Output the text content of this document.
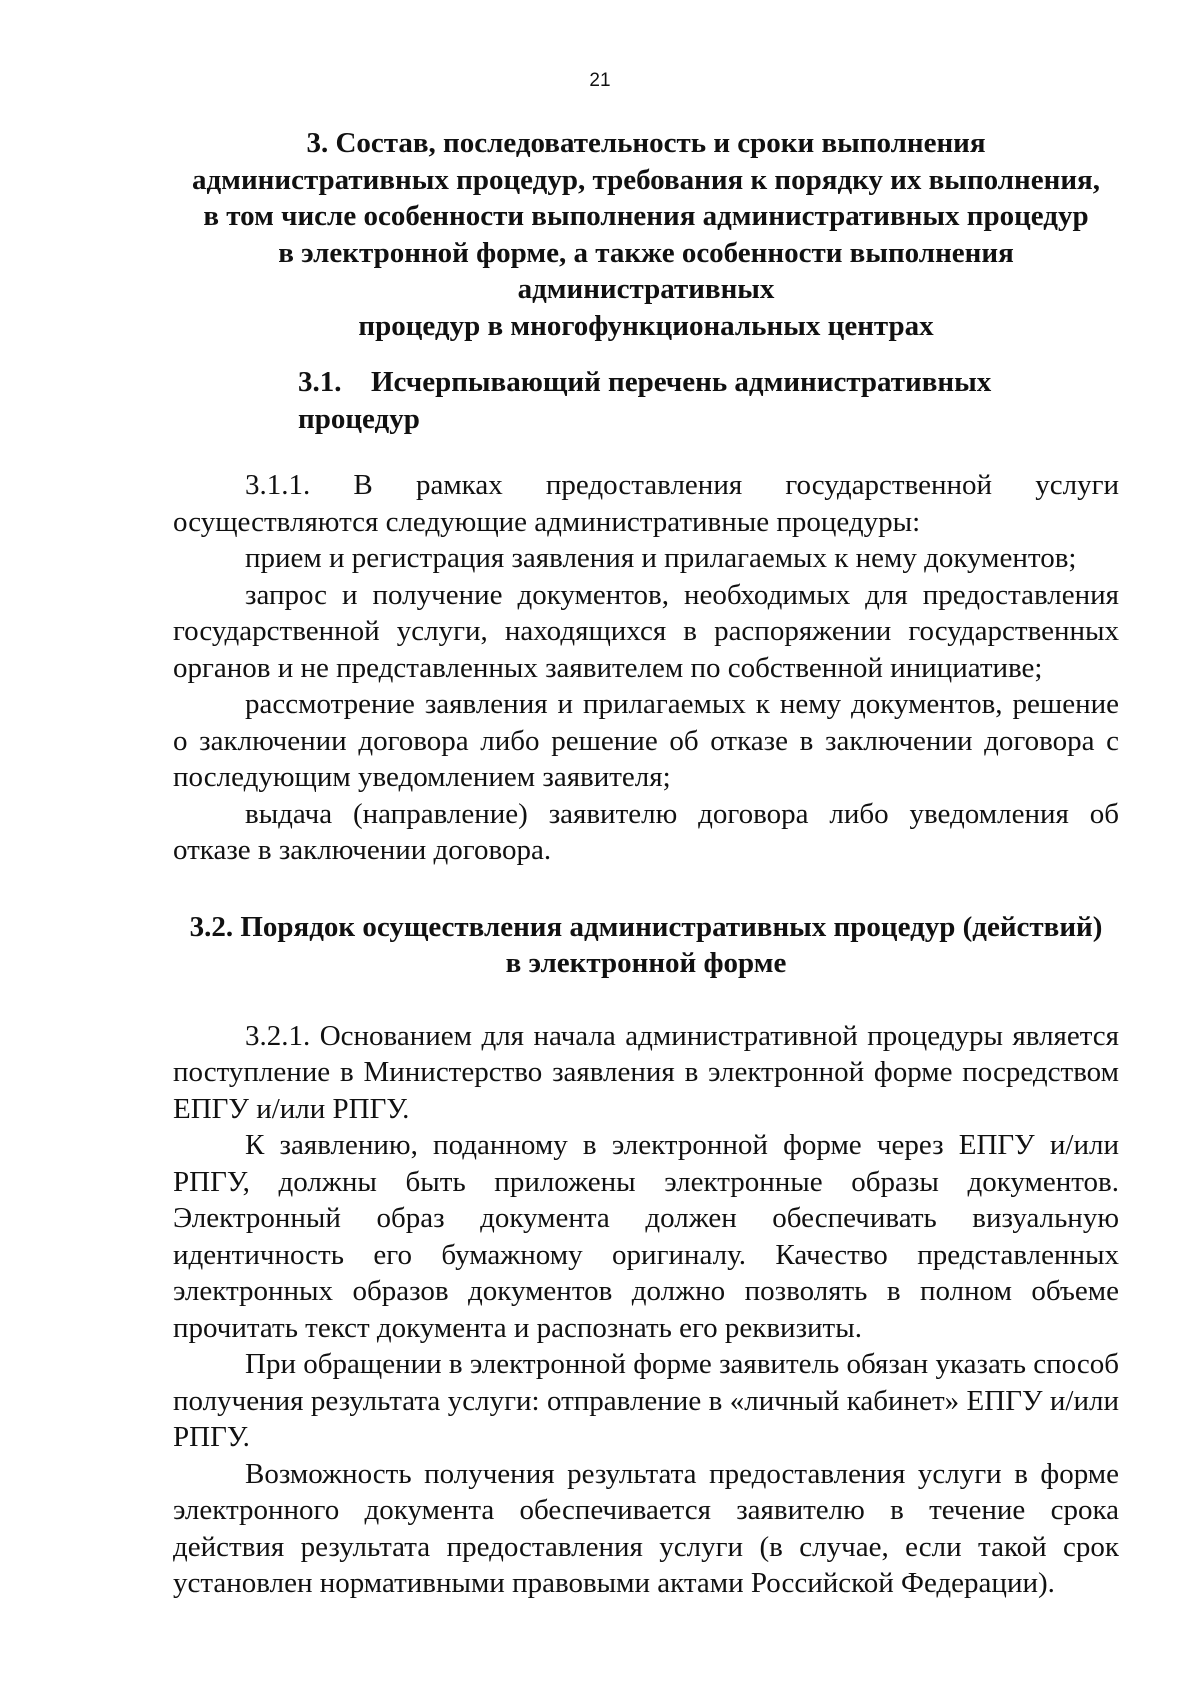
21
3. Состав, последовательность и сроки выполнения
административных процедур, требования к порядку их выполнения,
в том числе особенности выполнения административных процедур
в электронной форме, а также особенности выполнения административных
процедур в многофункциональных центрах
3.1. Исчерпывающий перечень административных процедур

3.1.1. В рамках предоставления государственной услуги осуществляются следующие административные процедуры:

прием и регистрация заявления и прилагаемых к нему документов;

запрос и получение документов, необходимых для предоставления государственной услуги, находящихся в распоряжении государственных органов и не представленных заявителем по собственной инициативе;

рассмотрение заявления и прилагаемых к нему документов, решение о заключении договора либо решение об отказе в заключении договора с последующим уведомлением заявителя;

выдача (направление) заявителю договора либо уведомления об отказе в заключении договора.

3.2. Порядок осуществления административных процедур (действий)
в электронной форме

3.2.1. Основанием для начала административной процедуры является поступление в Министерство заявления в электронной форме посредством ЕПГУ и/или РПГУ.

К заявлению, поданному в электронной форме через ЕПГУ и/или РПГУ, должны быть приложены электронные образы документов. Электронный образ документа должен обеспечивать визуальную идентичность его бумажному оригиналу. Качество представленных электронных образов документов должно позволять в полном объеме прочитать текст документа и распознать его реквизиты.

При обращении в электронной форме заявитель обязан указать способ получения результата услуги: отправление в «личный кабинет» ЕПГУ и/или РПГУ.

Возможность получения результата предоставления услуги в форме электронного документа обеспечивается заявителю в течение срока действия результата предоставления услуги (в случае, если такой срок установлен нормативными правовыми актами Российской Федерации).
